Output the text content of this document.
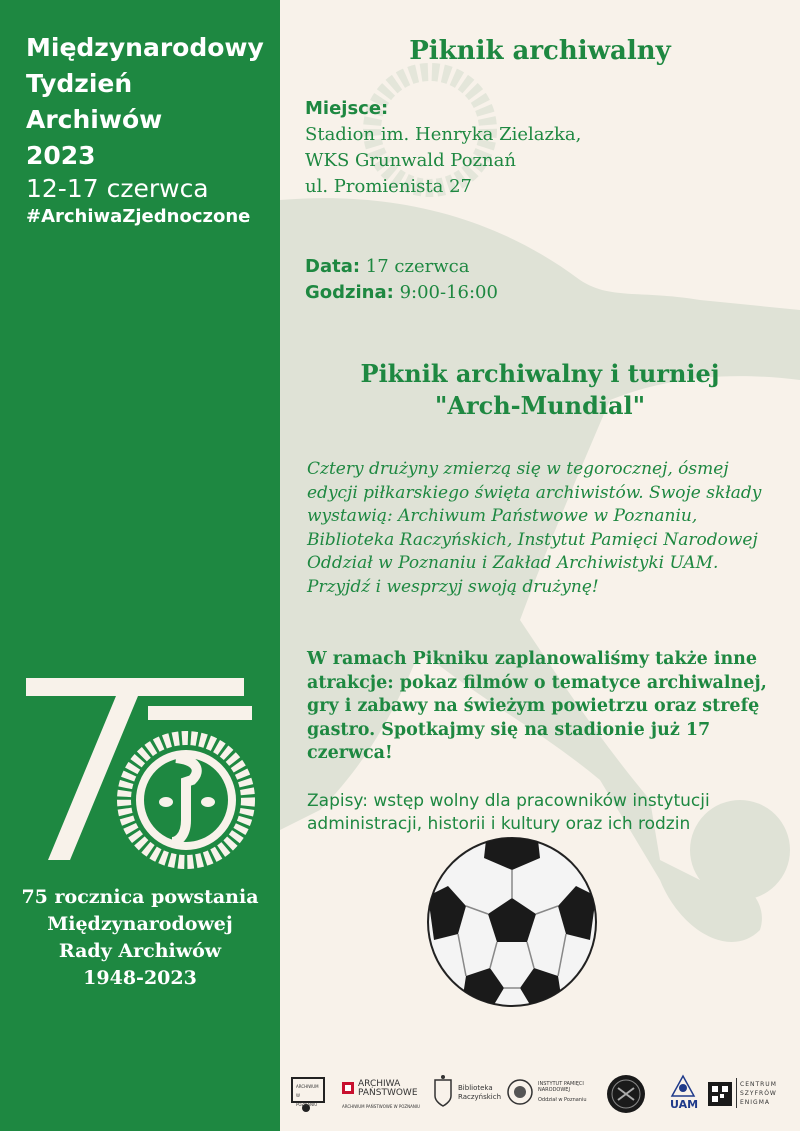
Międzynarodowy
Tydzień Archiwów
2023
12-17 czerwca
#ArchiwaZjednoczone
75 rocznica powstania
Międzynarodowej
Rady Archiwów
1948-2023
Piknik archiwalny
Miejsce:
Stadion im. Henryka Zielazka,
WKS Grunwald Poznań
ul. Promienista 27
Data: 17 czerwca
Godzina: 9:00-16:00
Piknik archiwalny i turniej
"Arch-Mundial"
Cztery drużyny zmierzą się w tegorocznej, ósmej edycji piłkarskiego święta archiwistów. Swoje składy wystawią: Archiwum Państwowe w Poznaniu, Biblioteka Raczyńskich, Instytut Pamięci Narodowej Oddział w Poznaniu i Zakład Archiwistyki UAM. Przyjdź i wesprzyj swoją drużynę!
W ramach Pikniku zaplanowaliśmy także inne atrakcje: pokaz filmów o tematyce archiwalnej, gry i zabawy na świeżym powietrzu oraz strefę gastro. Spotkajmy się na stadionie już 17 czerwca!
Zapisy: wstęp wolny dla pracowników instytucji administracji, historii i kultury oraz ich rodzin
ARCHIWUM W POZNANIU
ARCHIWA
PAŃSTWOWE
ARCHIWUM PAŃSTWOWE W POZNANIU
Biblioteka
Raczyńskich
INSTYTUT PAMIĘCI
NARODOWEJ
Oddział w Poznaniu	UAM
CENTRUM
SZYFRÓW
ENIGMA
